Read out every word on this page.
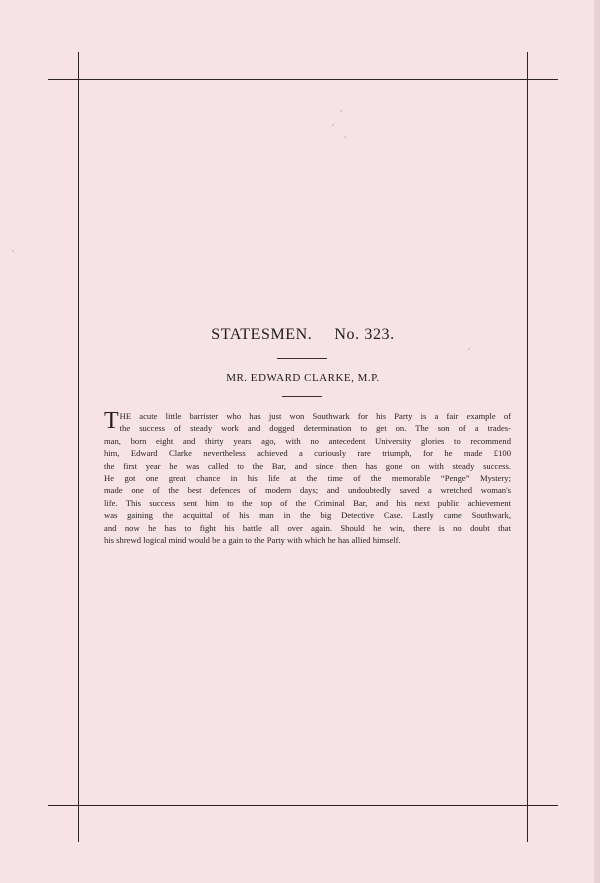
STATESMEN. No. 323.
MR. EDWARD CLARKE, M.P.
T HE acute little barrister who has just won Southwark for his Party is a fair example of
the success of steady work and dogged determination to get on. The son of a trades-
man, born eight and thirty years ago, with no antecedent University glories to recommend
him, Edward Clarke nevertheless achieved a curiously rare triumph, for he made £100
the first year he was called to the Bar, and since then has gone on with steady success.
He got one great chance in his life at the time of the memorable “Penge” Mystery;
made one of the best defences of modern days; and undoubtedly saved a wretched woman's
life. This success sent him to the top of the Criminal Bar, and his next public achievement
was gaining the acquittal of his man in the big Detective Case. Lastly came Southwark,
and now he has to fight his battle all over again. Should he win, there is no doubt that
his shrewd logical mind would be a gain to the Party with which he has allied himself.
